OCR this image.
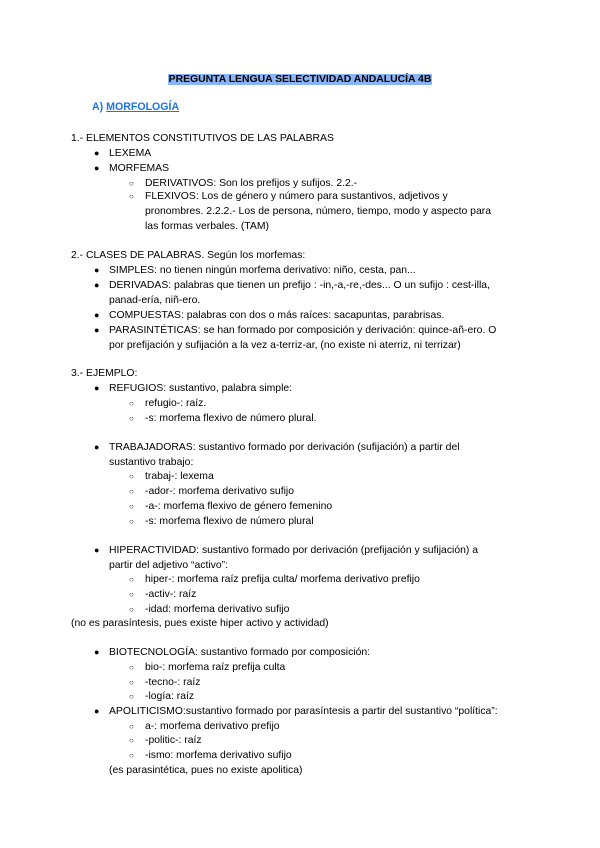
PREGUNTA LENGUA SELECTIVIDAD ANDALUCÍA 4B
A) MORFOLOGÍA
1.- ELEMENTOS CONSTITUTIVOS DE LAS PALABRAS
● LEXEMA
● MORFEMAS
○ DERIVATIVOS: Son los prefijos y sufijos. 2.2.-
○ FLEXIVOS: Los de género y número para sustantivos, adjetivos y
pronombres. 2.2.2.- Los de persona, número, tiempo, modo y aspecto para
las formas verbales. (TAM)
2.- CLASES DE PALABRAS. Según los morfemas:
● SIMPLES: no tienen ningún morfema derivativo: niño, cesta, pan...
● DERIVADAS: palabras que tienen un prefijo : -in,-a,-re,-des... O un sufijo : cest-illa,
panad-ería, niñ-ero.
● COMPUESTAS: palabras con dos o más raíces: sacapuntas, parabrisas.
● PARASINTÉTICAS: se han formado por composición y derivación: quince-añ-ero. O
por prefijación y sufijación a la vez a-terriz-ar, (no existe ni aterriz, ni terrizar)
3.- EJEMPLO:
● REFUGIOS: sustantivo, palabra simple:
○ refugio-: raíz.
○ -s: morfema flexivo de número plural.
● TRABAJADORAS: sustantivo formado por derivación (sufijación) a partir del
sustantivo trabajo:
○ trabaj-: lexema
○ -ador-: morfema derivativo sufijo
○ -a-: morfema flexivo de género femenino
○ -s: morfema flexivo de número plural
● HIPERACTIVIDAD: sustantivo formado por derivación (prefijación y sufijación) a
partir del adjetivo “activo”:
○ hiper-: morfema raíz prefija culta/ morfema derivativo prefijo
○ -activ-: raíz
○ -idad: morfema derivativo sufijo
(no es parasíntesis, pues existe hiper activo y actividad)
● BIOTECNOLOGÍA: sustantivo formado por composición:
○ bio-: morfema raíz prefija culta
○ -tecno-: raíz
○ -logía: raíz
● APOLITICISMO:sustantivo formado por parasíntesis a partir del sustantivo “política”:
○ a-: morfema derivativo prefijo
○ -politic-: raíz
○ -ismo: morfema derivativo sufijo
(es parasintética, pues no existe apolitica)
